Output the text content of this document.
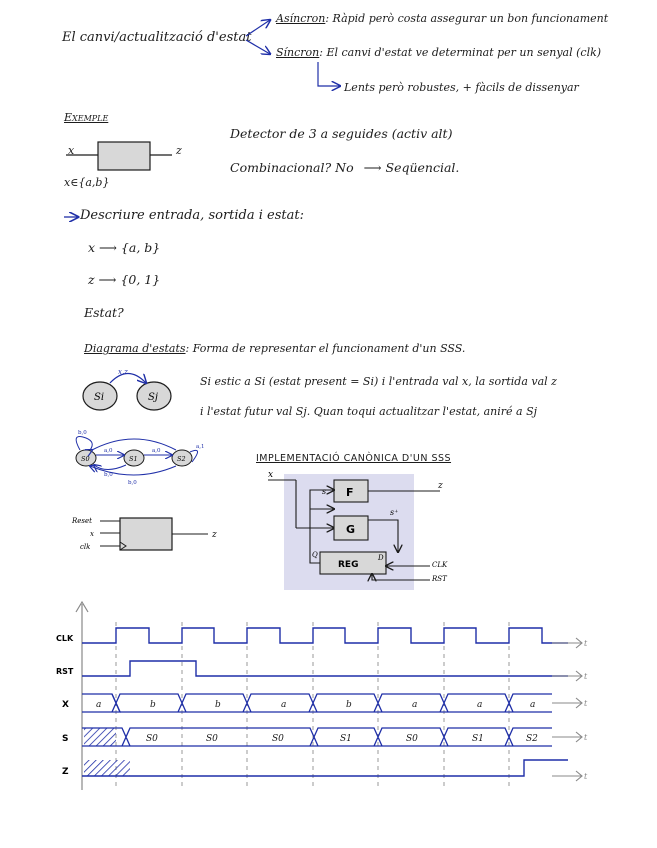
El canvi/actualització d'estat
Asíncron: Ràpid però costa assegurar un bon funcionament
Síncron: El canvi d'estat ve determinat per un senyal (clk)
Lents però robustes, + fàcils de dissenyar
Exemple
x	z
x∈{a,b}
Detector de 3 a seguides (activ alt)
Combinacional? No ⟶ Seqüencial.
Descriure entrada, sortida i estat:
x ⟶ {a, b}
z ⟶ {0, 1}
Estat?
Diagrama d'estats: Forma de representar el funcionament d'un SSS.
Si estic a Si (estat present = Si) i l'entrada val x, la sortida val z
i l'estat futur val Sj. Quan toqui actualitzar l'estat, aniré a Sj
IMPLEMENTACIÓ CANÒNICA D'UN SSS
Si	Sj
x,z
S0	S1	S2
b,0
a,0	a,0
a,1
b,0
b,0
Reset
x
clk
z
x
z
F
G
REG
s
s⁺
Q	D
CLK
RST
CLK
RST
X
S
Z
a	b	b	a	b	a	a	a
S0	S0	S0	S1	S0	S1	S2
t
t
t
t
t
